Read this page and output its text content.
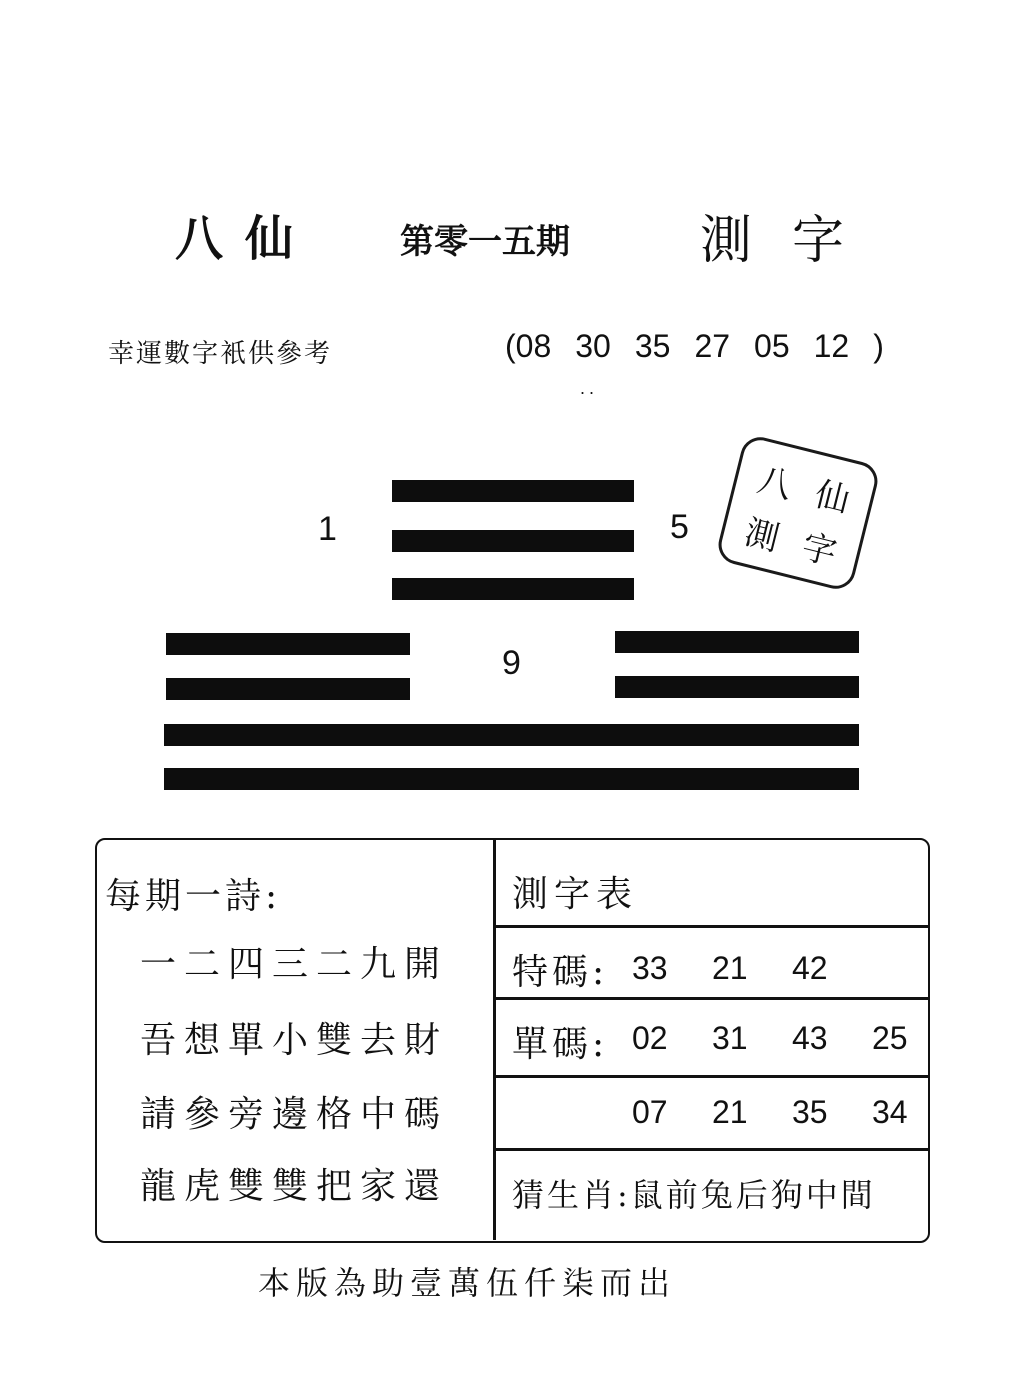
八仙 第零一五期	測字
幸運數字衹供參考	( 08 30 35 27 05 12 )
..
1	5
9
八 仙
測 字
每期一詩:
一二四三二九開
吾想單小雙去財
請參旁邊格中碼
龍虎雙雙把家還
測字表
特碼: 33 21 42
單碼: 02 31 43 25
07 21 35 34
猜生肖:鼠前兔后狗中間
本版為助壹萬伍仟柒而岀
